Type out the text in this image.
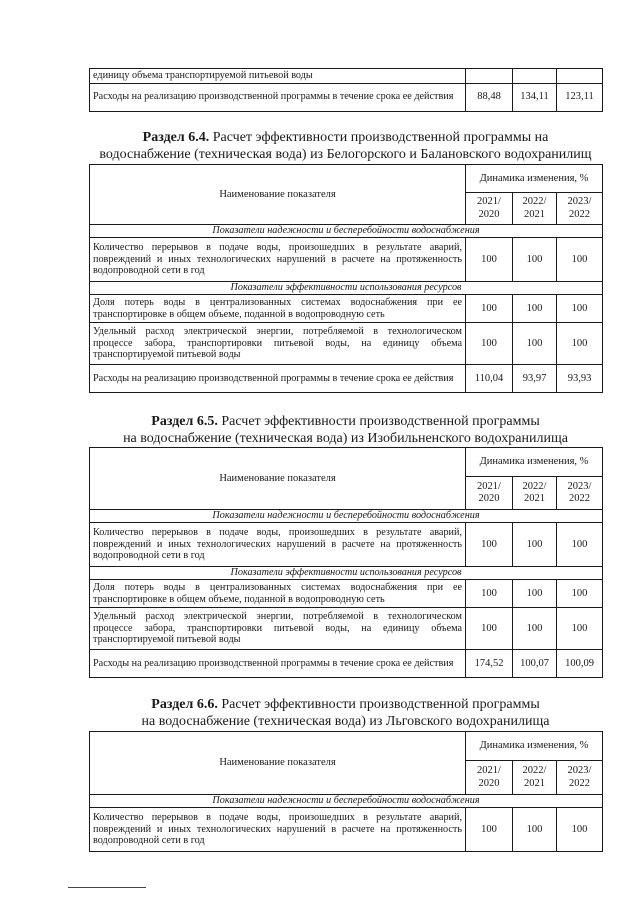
единицу объема транспортируемой питьевой воды			
Расходы на реализацию производственной программы в течение срока ее действия	88,48	134,11	123,11
Раздел 6.4. Расчет эффективности производственной программы на
водоснабжение (техническая вода) из Белогорского и Балановского водохранилищ
Наименование показателя	Динамика изменения, %		
	2021/ 2020	2022/ 2021	2023/ 2022
Показатели надежности и бесперебойности водоснабжения			
Количество перерывов в подаче воды, произошедших в результате аварий, повреждений и иных технологических нарушений в расчете на протяженность водопроводной сети в год	100	100	100
Показатели эффективности использования ресурсов			
Доля потерь воды в централизованных системах водоснабжения при ее транспортировке в общем объеме, поданной в водопроводную сеть	100	100	100
Удельный расход электрической энергии, потребляемой в технологическом процессе забора, транспортировки питьевой воды, на единицу объема транспортируемой питьевой воды	100	100	100
Расходы на реализацию производственной программы в течение срока ее действия	110,04	93,97	93,93
Раздел 6.5. Расчет эффективности производственной программы
на водоснабжение (техническая вода) из Изобильненского водохранилища
Наименование показателя	Динамика изменения, %		
	2021/ 2020	2022/ 2021	2023/ 2022
Показатели надежности и бесперебойности водоснабжения			
Количество перерывов в подаче воды, произошедших в результате аварий, повреждений и иных технологических нарушений в расчете на протяженность водопроводной сети в год	100	100	100
Показатели эффективности использования ресурсов			
Доля потерь воды в централизованных системах водоснабжения при ее транспортировке в общем объеме, поданной в водопроводную сеть	100	100	100
Удельный расход электрической энергии, потребляемой в технологическом процессе забора, транспортировки питьевой воды, на единицу объема транспортируемой питьевой воды	100	100	100
Расходы на реализацию производственной программы в течение срока ее действия	174,52	100,07	100,09
Раздел 6.6. Расчет эффективности производственной программы
на водоснабжение (техническая вода) из Льговского водохранилища
Наименование показателя	Динамика изменения, %		
	2021/ 2020	2022/ 2021	2023/ 2022
Показатели надежности и бесперебойности водоснабжения			
Количество перерывов в подаче воды, произошедших в результате аварий, повреждений и иных технологических нарушений в расчете на протяженность водопроводной сети в год	100	100	100
